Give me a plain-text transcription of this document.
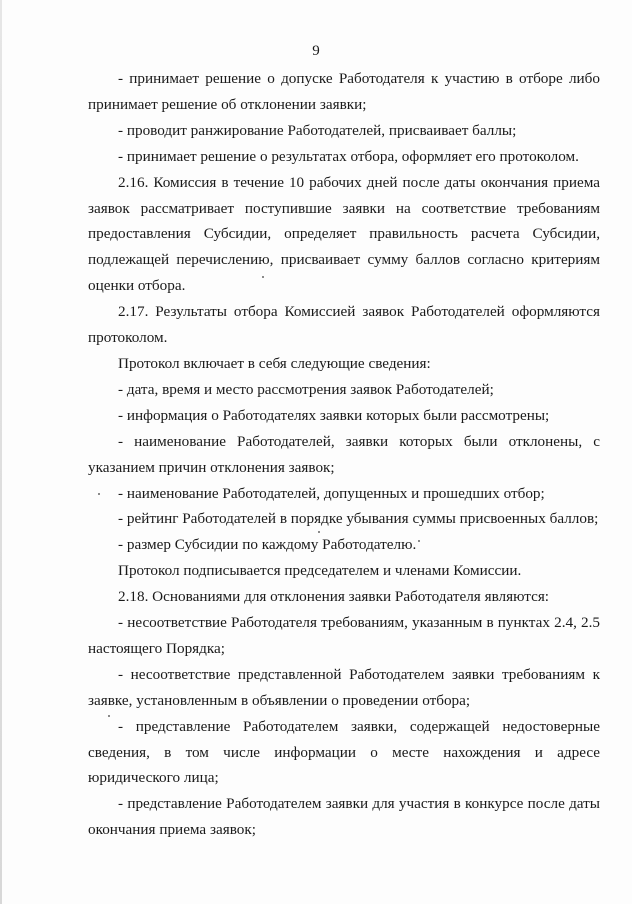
9

- принимает решение о допуске Работодателя к участию в отборе либо принимает решение об отклонении заявки;

- проводит ранжирование Работодателей, присваивает баллы;

- принимает решение о результатах отбора, оформляет его протоколом.

2.16. Комиссия в течение 10 рабочих дней после даты окончания приема заявок рассматривает поступившие заявки на соответствие требованиям предоставления Субсидии, определяет правильность расчета Субсидии, подлежащей перечислению, присваивает сумму баллов согласно критериям оценки отбора.

2.17. Результаты отбора Комиссией заявок Работодателей оформляются протоколом.

Протокол включает в себя следующие сведения:

- дата, время и место рассмотрения заявок Работодателей;

- информация о Работодателях заявки которых были рассмотрены;

- наименование Работодателей, заявки которых были отклонены, с указанием причин отклонения заявок;

- наименование Работодателей, допущенных и прошедших отбор;

- рейтинг Работодателей в порядке убывания суммы присвоенных баллов;

- размер Субсидии по каждому Работодателю.

Протокол подписывается председателем и членами Комиссии.

2.18. Основаниями для отклонения заявки Работодателя являются:

- несоответствие Работодателя требованиям, указанным в пунктах 2.4, 2.5 настоящего Порядка;

- несоответствие представленной Работодателем заявки требованиям к заявке, установленным в объявлении о проведении отбора;

- представление Работодателем заявки, содержащей недостоверные сведения, в том числе информации о месте нахождения и адресе юридического лица;

- представление Работодателем заявки для участия в конкурсе после даты окончания приема заявок;
